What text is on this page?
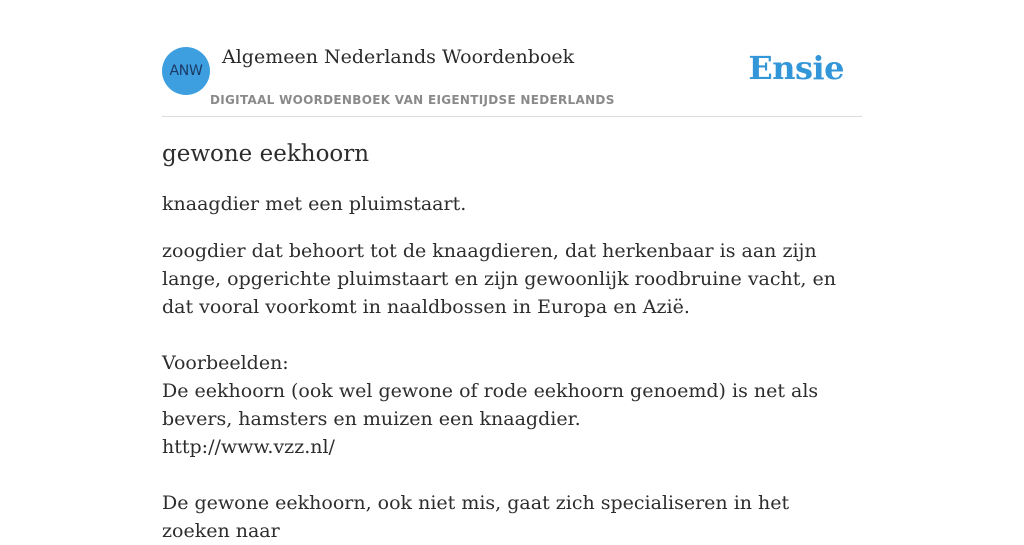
ANW
Algemeen Nederlands Woordenboek
DIGITAAL WOORDENBOEK VAN EIGENTIJDSE NEDERLANDS
Ensie
gewone eekhoorn

knaagdier met een pluimstaart.

zoogdier dat behoort tot de knaagdieren, dat herkenbaar is aan zijn lange, opgerichte pluimstaart en zijn gewoonlijk roodbruine vacht, en dat vooral voorkomt in naaldbossen in Europa en Azië.
Voorbeelden:
De eekhoorn (ook wel gewone of rode eekhoorn genoemd) is net als bevers, hamsters en muizen een knaagdier.
http://www.vzz.nl/
De gewone eekhoorn, ook niet mis, gaat zich specialiseren in het zoeken naar
